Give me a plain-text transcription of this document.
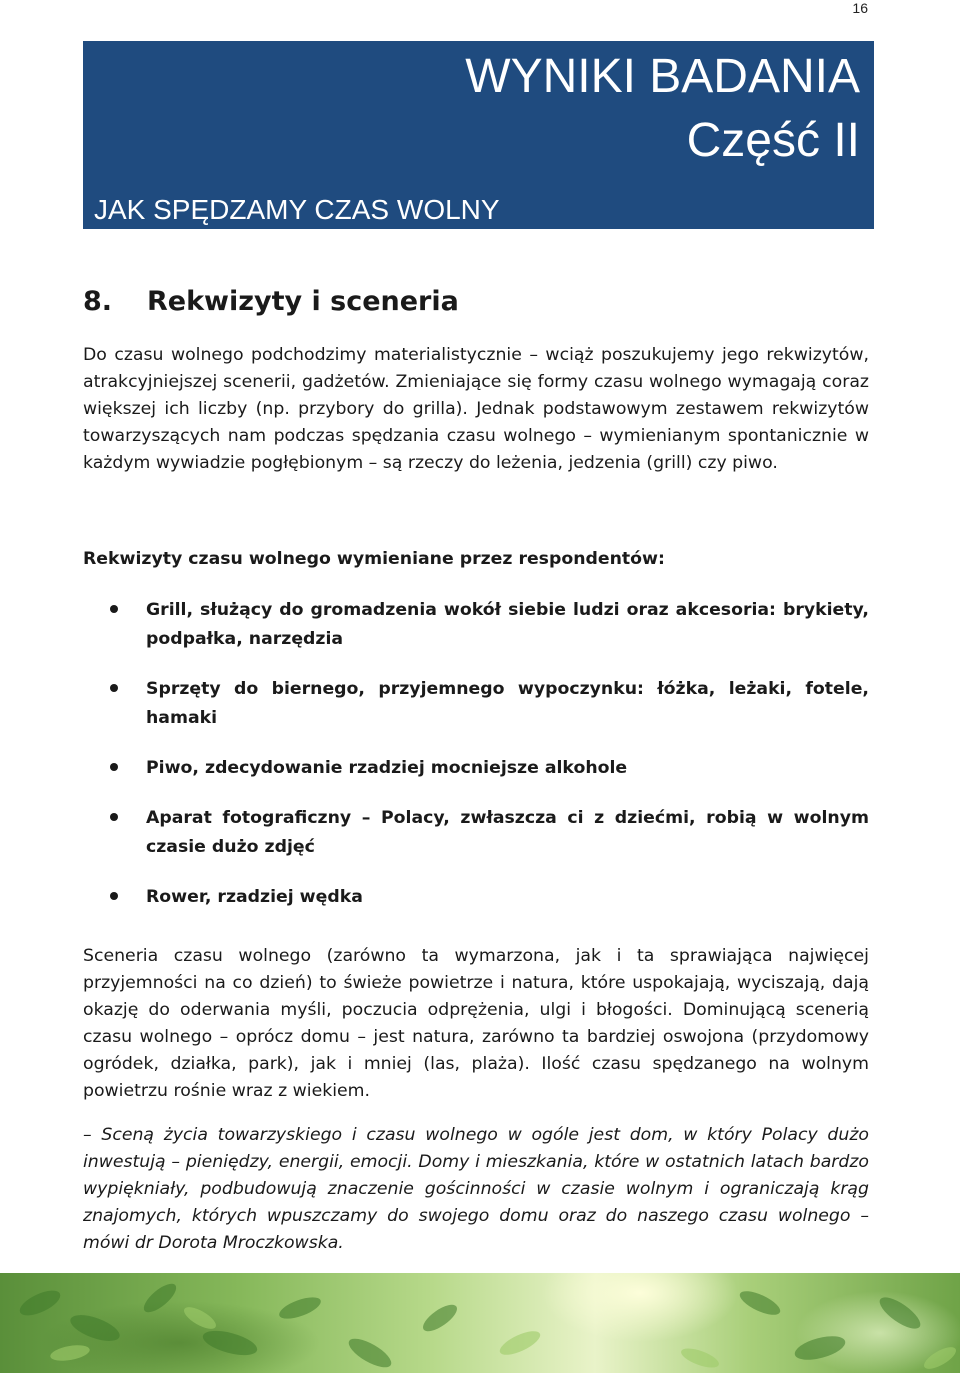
16
WYNIKI BADANIA
Część II
JAK SPĘDZAMY CZAS WOLNY
8. Rekwizyty i sceneria

Do czasu wolnego podchodzimy materialistycznie – wciąż poszukujemy jego rekwizytów, atrakcyjniejszej scenerii, gadżetów. Zmieniające się formy czasu wolnego wymagają coraz większej ich liczby (np. przybory do grilla). Jednak podstawowym zestawem rekwizytów towarzyszących nam podczas spędzania czasu wolnego – wymienianym spontanicznie w każdym wywiadzie pogłębionym – są rzeczy do leżenia, jedzenia (grill) czy piwo.

Rekwizyty czasu wolnego wymieniane przez respondentów:

Grill, służący do gromadzenia wokół siebie ludzi oraz akcesoria: brykiety, podpałka, narzędzia
Sprzęty do biernego, przyjemnego wypoczynku: łóżka, leżaki, fotele, hamaki
Piwo, zdecydowanie rzadziej mocniejsze alkohole
Aparat fotograficzny – Polacy, zwłaszcza ci z dziećmi, robią w wolnym czasie dużo zdjęć
Rower, rzadziej wędka

Sceneria czasu wolnego (zarówno ta wymarzona, jak i ta sprawiająca najwięcej przyjemności na co dzień) to świeże powietrze i natura, które uspokajają, wyciszają, dają okazję do oderwania myśli, poczucia odprężenia, ulgi i błogości. Dominującą scenerią czasu wolnego – oprócz domu – jest natura, zarówno ta bardziej oswojona (przydomowy ogródek, działka, park), jak i mniej (las, plaża). Ilość czasu spędzanego na wolnym powietrzu rośnie wraz z wiekiem.

– Sceną życia towarzyskiego i czasu wolnego w ogóle jest dom, w który Polacy dużo inwestują – pieniędzy, energii, emocji. Domy i mieszkania, które w ostatnich latach bardzo wypiękniały, podbudowują znaczenie gościnności w czasie wolnym i ograniczają krąg znajomych, których wpuszczamy do swojego domu oraz do naszego czasu wolnego – mówi dr Dorota Mroczkowska.
